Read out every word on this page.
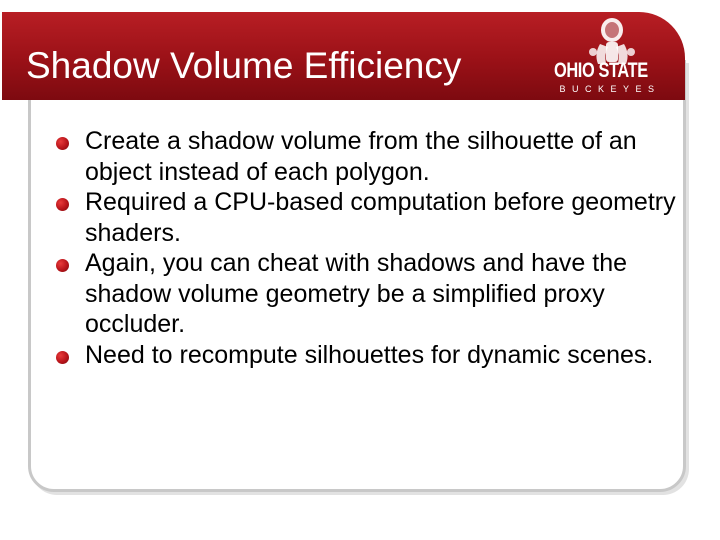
Shadow Volume Efficiency	OHIO STATE
BUCKEYES
Create a shadow volume from the silhouette of an object instead of each polygon.
Required a CPU-based computation before geometry shaders.
Again, you can cheat with shadows and have the shadow volume geometry be a simplified proxy occluder.
Need to recompute silhouettes for dynamic scenes.
